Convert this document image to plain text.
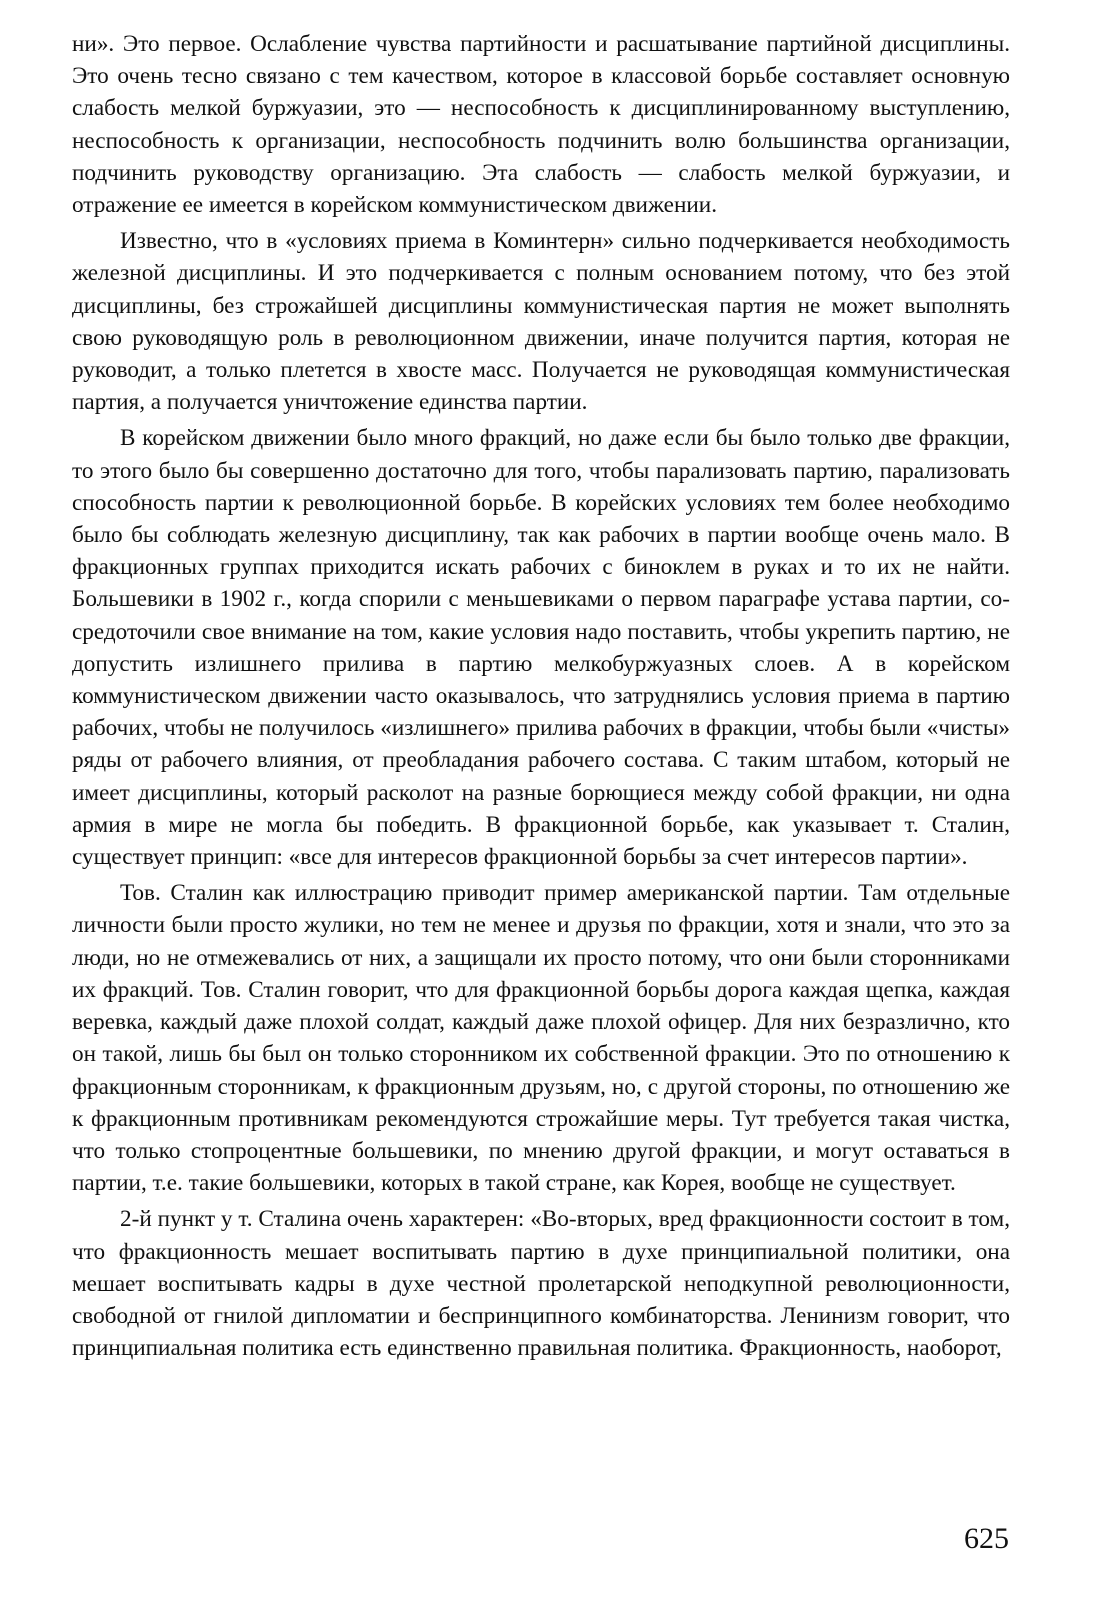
ни». Это первое. Ослабление чувства партийности и расшатывание партийной дисциплины. Это очень тесно связано с тем качеством, которое в классовой борьбе составляет основную слабость мелкой буржуазии, это — неспособность к дисциплинированному выступлению, неспособность к организации, неспособность подчинить волю большинства организации, подчинить руководству организацию. Эта слабость — слабость мелкой буржуазии, и отражение ее имеется в корейском коммунистическом движении.

Известно, что в «условиях приема в Коминтерн» сильно подчеркивается необходимость железной дисциплины. И это подчеркивается с полным основанием потому, что без этой дисциплины, без строжайшей дисциплины коммунистическая партия не может выполнять свою руководящую роль в революционном движении, иначе получится партия, которая не руководит, а только плетется в хвосте масс. Получается не руководящая коммунистическая партия, а получается уничтожение единства партии.

В корейском движении было много фракций, но даже если бы было только две фракции, то этого было бы совершенно достаточно для того, чтобы парализовать партию, парализовать способность партии к революционной борьбе. В корейских условиях тем более необходимо было бы соблюдать железную дисциплину, так как рабочих в партии вообще очень мало. В фракционных группах приходится искать рабочих с биноклем в руках и то их не найти. Большевики в 1902 г., когда спорили с меньшевиками о первом параграфе устава партии, сосредоточили свое внимание на том, какие условия надо поставить, чтобы укрепить партию, не допустить излишнего прилива в партию мелкобуржуазных слоев. А в корейском коммунистическом движении часто оказывалось, что затруднялись условия приема в партию рабочих, чтобы не получилось «излишнего» прилива рабочих в фракции, чтобы были «чисты» ряды от рабочего влияния, от преобладания рабочего состава. С таким штабом, который не имеет дисциплины, который расколот на разные борющиеся между собой фракции, ни одна армия в мире не могла бы победить. В фракционной борьбе, как указывает т. Сталин, существует принцип: «все для интересов фракционной борьбы за счет интересов партии».

Тов. Сталин как иллюстрацию приводит пример американской партии. Там отдельные личности были просто жулики, но тем не менее и друзья по фракции, хотя и знали, что это за люди, но не отмежевались от них, а защищали их просто потому, что они были сторонниками их фракций. Тов. Сталин говорит, что для фракционной борьбы дорога каждая щепка, каждая веревка, каждый даже плохой солдат, каждый даже плохой офицер. Для них безразлично, кто он такой, лишь бы был он только сторонником их собственной фракции. Это по отношению к фракционным сторонникам, к фракционным друзьям, но, с другой стороны, по отношению же к фракционным противникам рекомендуются строжайшие меры. Тут требуется такая чистка, что только стопроцентные большевики, по мнению другой фракции, и могут оставаться в партии, т.е. такие большевики, которых в такой стране, как Корея, вообще не существует.

2-й пункт у т. Сталина очень характерен: «Во-вторых, вред фракционности состоит в том, что фракционность мешает воспитывать партию в духе принципиальной политики, она мешает воспитывать кадры в духе честной пролетарской неподкупной революционности, свободной от гнилой дипломатии и беспринципного комбинаторства. Ленинизм говорит, что принципиальная политика есть единственно правильная политика. Фракционность, наоборот,

625
